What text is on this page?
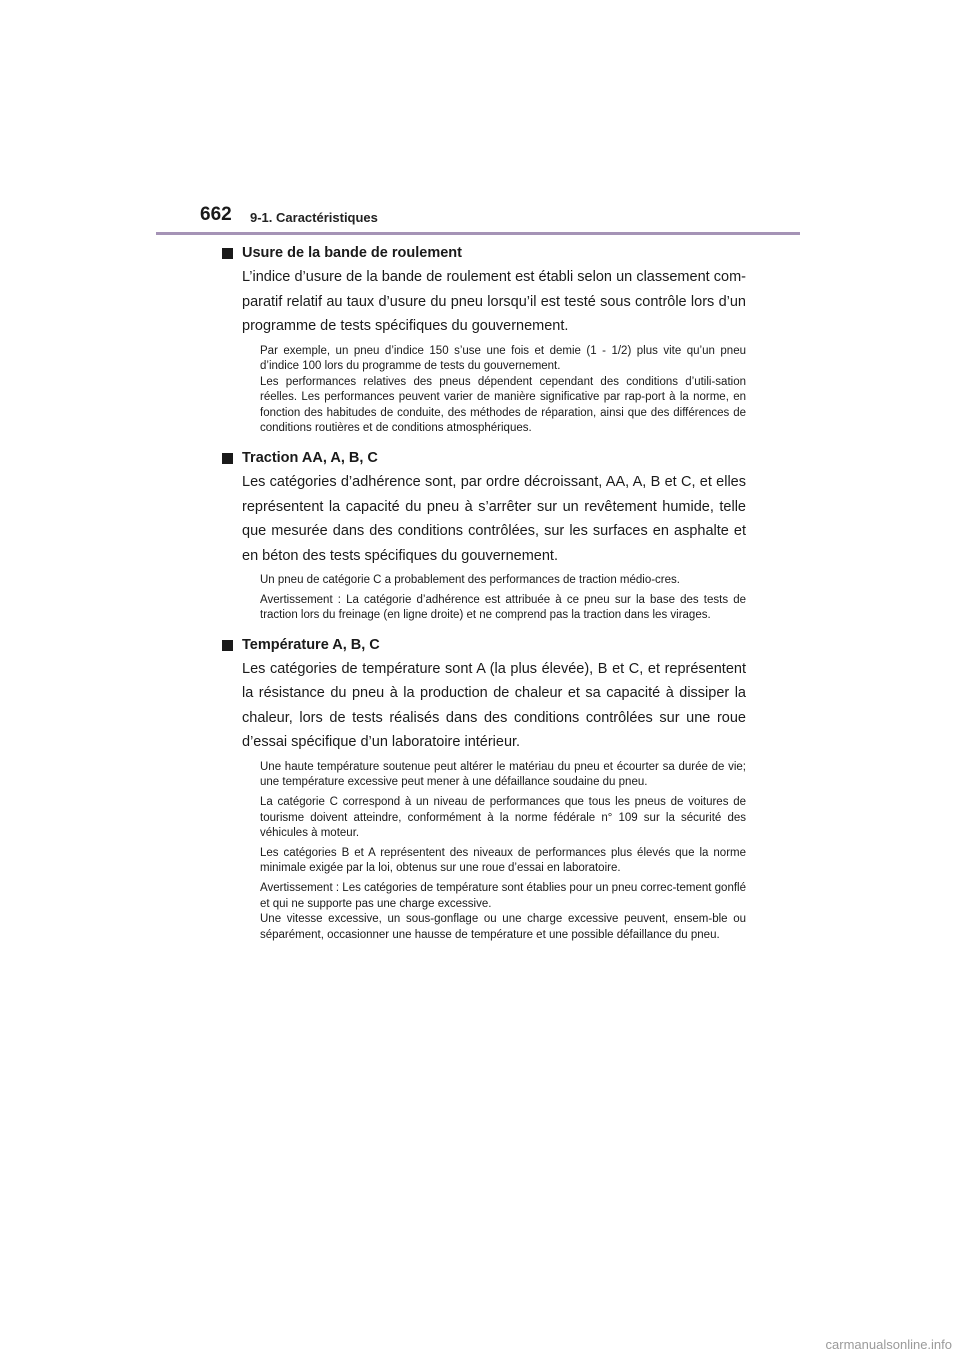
662 9-1. Caractéristiques
Usure de la bande de roulement

L’indice d’usure de la bande de roulement est établi selon un classement com-paratif relatif au taux d’usure du pneu lorsqu’il est testé sous contrôle lors d’un programme de tests spécifiques du gouvernement.

Par exemple, un pneu d’indice 150 s’use une fois et demie (1 - 1/2) plus vite qu’un pneu d’indice 100 lors du programme de tests du gouvernement.

Les performances relatives des pneus dépendent cependant des conditions d’utili-sation réelles. Les performances peuvent varier de manière significative par rap-port à la norme, en fonction des habitudes de conduite, des méthodes de réparation, ainsi que des différences de conditions routières et de conditions atmosphériques.

Traction AA, A, B, C

Les catégories d’adhérence sont, par ordre décroissant, AA, A, B et C, et elles représentent la capacité du pneu à s’arrêter sur un revêtement humide, telle que mesurée dans des conditions contrôlées, sur les surfaces en asphalte et en béton des tests spécifiques du gouvernement.

Un pneu de catégorie C a probablement des performances de traction médio-cres.

Avertissement : La catégorie d’adhérence est attribuée à ce pneu sur la base des tests de traction lors du freinage (en ligne droite) et ne comprend pas la traction dans les virages.

Température A, B, C

Les catégories de température sont A (la plus élevée), B et C, et représentent la résistance du pneu à la production de chaleur et sa capacité à dissiper la chaleur, lors de tests réalisés dans des conditions contrôlées sur une roue d’essai spécifique d’un laboratoire intérieur.

Une haute température soutenue peut altérer le matériau du pneu et écourter sa durée de vie; une température excessive peut mener à une défaillance soudaine du pneu.

La catégorie C correspond à un niveau de performances que tous les pneus de voitures de tourisme doivent atteindre, conformément à la norme fédérale n° 109 sur la sécurité des véhicules à moteur.

Les catégories B et A représentent des niveaux de performances plus élevés que la norme minimale exigée par la loi, obtenus sur une roue d’essai en laboratoire.

Avertissement : Les catégories de température sont établies pour un pneu correc-tement gonflé et qui ne supporte pas une charge excessive.

Une vitesse excessive, un sous-gonflage ou une charge excessive peuvent, ensem-ble ou séparément, occasionner une hausse de température et une possible défaillance du pneu.

carmanualsonline.info
